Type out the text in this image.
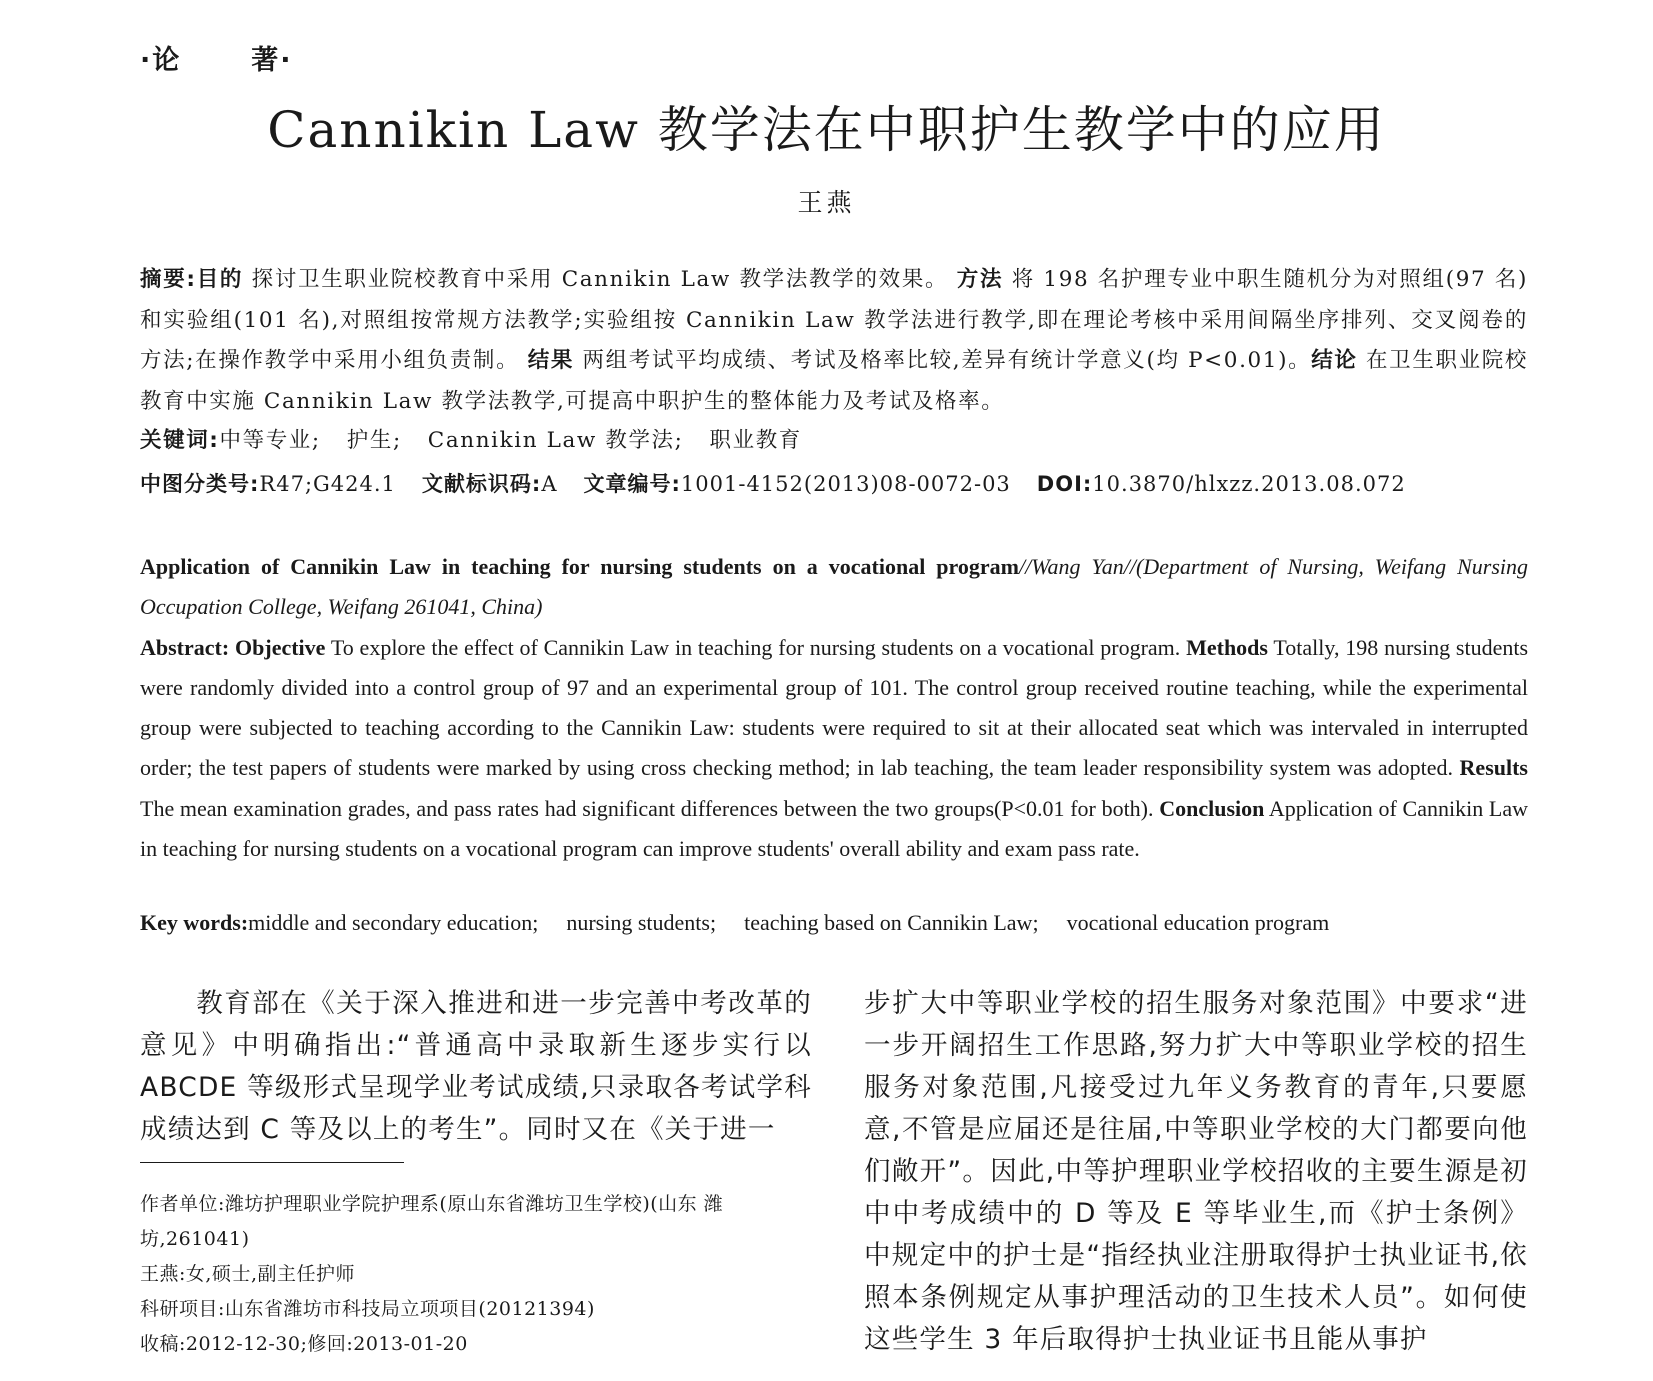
·论	著·
Cannikin Law 教学法在中职护生教学中的应用
王燕
摘要:目的 探讨卫生职业院校教育中采用 Cannikin Law 教学法教学的效果。 方法 将 198 名护理专业中职生随机分为对照组(97 名)和实验组(101 名),对照组按常规方法教学;实验组按 Cannikin Law 教学法进行教学,即在理论考核中采用间隔坐序排列、交叉阅卷的方法;在操作教学中采用小组负责制。 结果 两组考试平均成绩、考试及格率比较,差异有统计学意义(均 P<0.01)。结论 在卫生职业院校教育中实施 Cannikin Law 教学法教学,可提高中职护生的整体能力及考试及格率。
关键词:中等专业; 护生; Cannikin Law 教学法; 职业教育
中图分类号:R47;G424.1 文献标识码:A 文章编号:1001-4152(2013)08-0072-03 DOI:10.3870/hlxzz.2013.08.072
Application of Cannikin Law in teaching for nursing students on a vocational program//Wang Yan//(Department of Nursing, Weifang Nursing Occupation College, Weifang 261041, China)
Abstract: Objective To explore the effect of Cannikin Law in teaching for nursing students on a vocational program. Methods Totally, 198 nursing students were randomly divided into a control group of 97 and an experimental group of 101. The control group received routine teaching, while the experimental group were subjected to teaching according to the Cannikin Law: students were required to sit at their allocated seat which was intervaled in interrupted order; the test papers of students were marked by using cross checking method; in lab teaching, the team leader responsibility system was adopted. Results The mean examination grades, and pass rates had significant differences between the two groups(P<0.01 for both). Conclusion Application of Cannikin Law in teaching for nursing students on a vocational program can improve students' overall ability and exam pass rate.
Key words:middle and secondary education; nursing students; teaching based on Cannikin Law; vocational education program
教育部在《关于深入推进和进一步完善中考改革的意见》中明确指出:“普通高中录取新生逐步实行以 ABCDE 等级形式呈现学业考试成绩,只录取各考试学科成绩达到 C 等及以上的考生”。同时又在《关于进一
作者单位:潍坊护理职业学院护理系(原山东省潍坊卫生学校)(山东 潍坊,261041)
王燕:女,硕士,副主任护师
科研项目:山东省潍坊市科技局立项项目(20121394)
收稿:2012-12-30;修回:2013-01-20
步扩大中等职业学校的招生服务对象范围》中要求“进一步开阔招生工作思路,努力扩大中等职业学校的招生服务对象范围,凡接受过九年义务教育的青年,只要愿意,不管是应届还是往届,中等职业学校的大门都要向他们敞开”。因此,中等护理职业学校招收的主要生源是初中中考成绩中的 D 等及 E 等毕业生,而《护士条例》中规定中的护士是“指经执业注册取得护士执业证书,依照本条例规定从事护理活动的卫生技术人员”。如何使这些学生 3 年后取得护士执业证书且能从事护
